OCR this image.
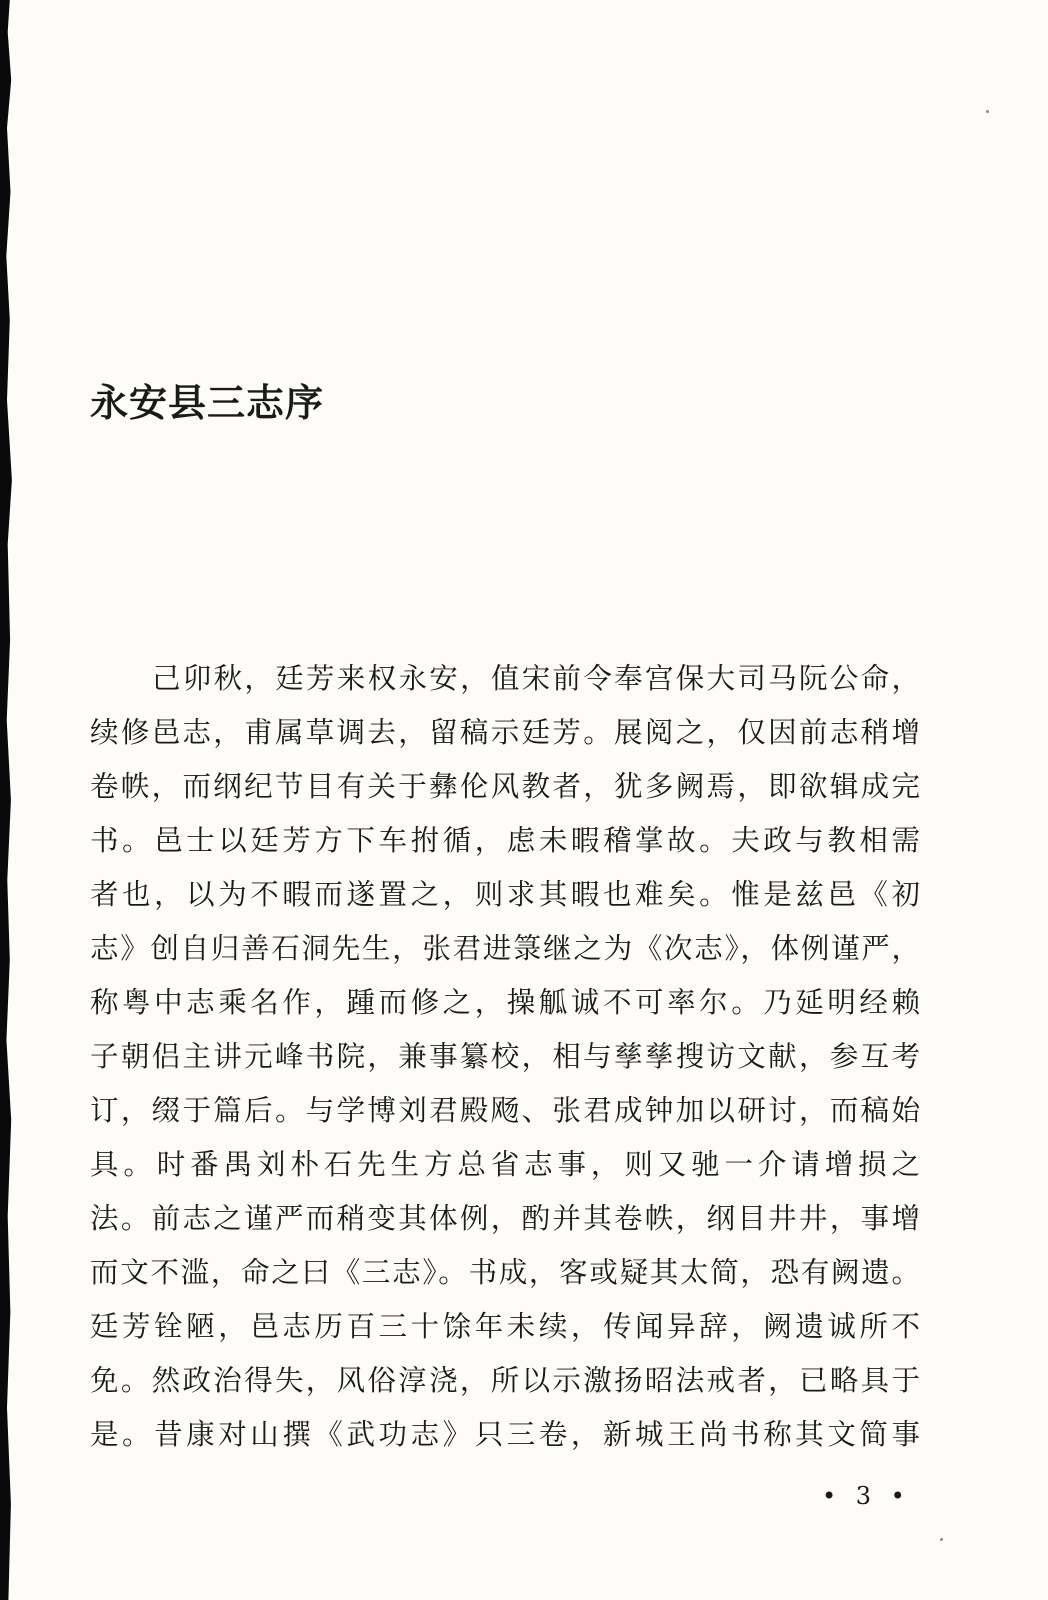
永安县三志序
己卯秋，廷芳来权永安，值宋前令奉宫保大司马阮公命，
续修邑志，甫属草调去，留稿示廷芳。展阅之，仅因前志稍增
卷帙，而纲纪节目有关于彝伦风教者，犹多阙焉，即欲辑成完
书。邑士以廷芳方下车拊循，虑未暇稽掌故。夫政与教相需
者也，以为不暇而遂置之，则求其暇也难矣。惟是兹邑《初
志》创自归善石洞先生，张君进箓继之为《次志》，体例谨严，
称粤中志乘名作，踵而修之，操觚诚不可率尔。乃延明经赖
子朝侣主讲元峰书院，兼事纂校，相与孳孳搜访文献，参互考
订，缀于篇后。与学博刘君殿飏、张君成钟加以研讨，而稿始
具。时番禺刘朴石先生方总省志事，则又驰一介请增损之
法。前志之谨严而稍变其体例，酌并其卷帙，纲目井井，事增
而文不滥，命之曰《三志》。书成，客或疑其太简，恐有阙遗。
廷芳铨陋，邑志历百三十馀年未续，传闻异辞，阙遗诚所不
免。然政治得失，风俗淳浇，所以示激扬昭法戒者，已略具于
是。昔康对山撰《武功志》只三卷，新城王尚书称其文简事
• 3 •
